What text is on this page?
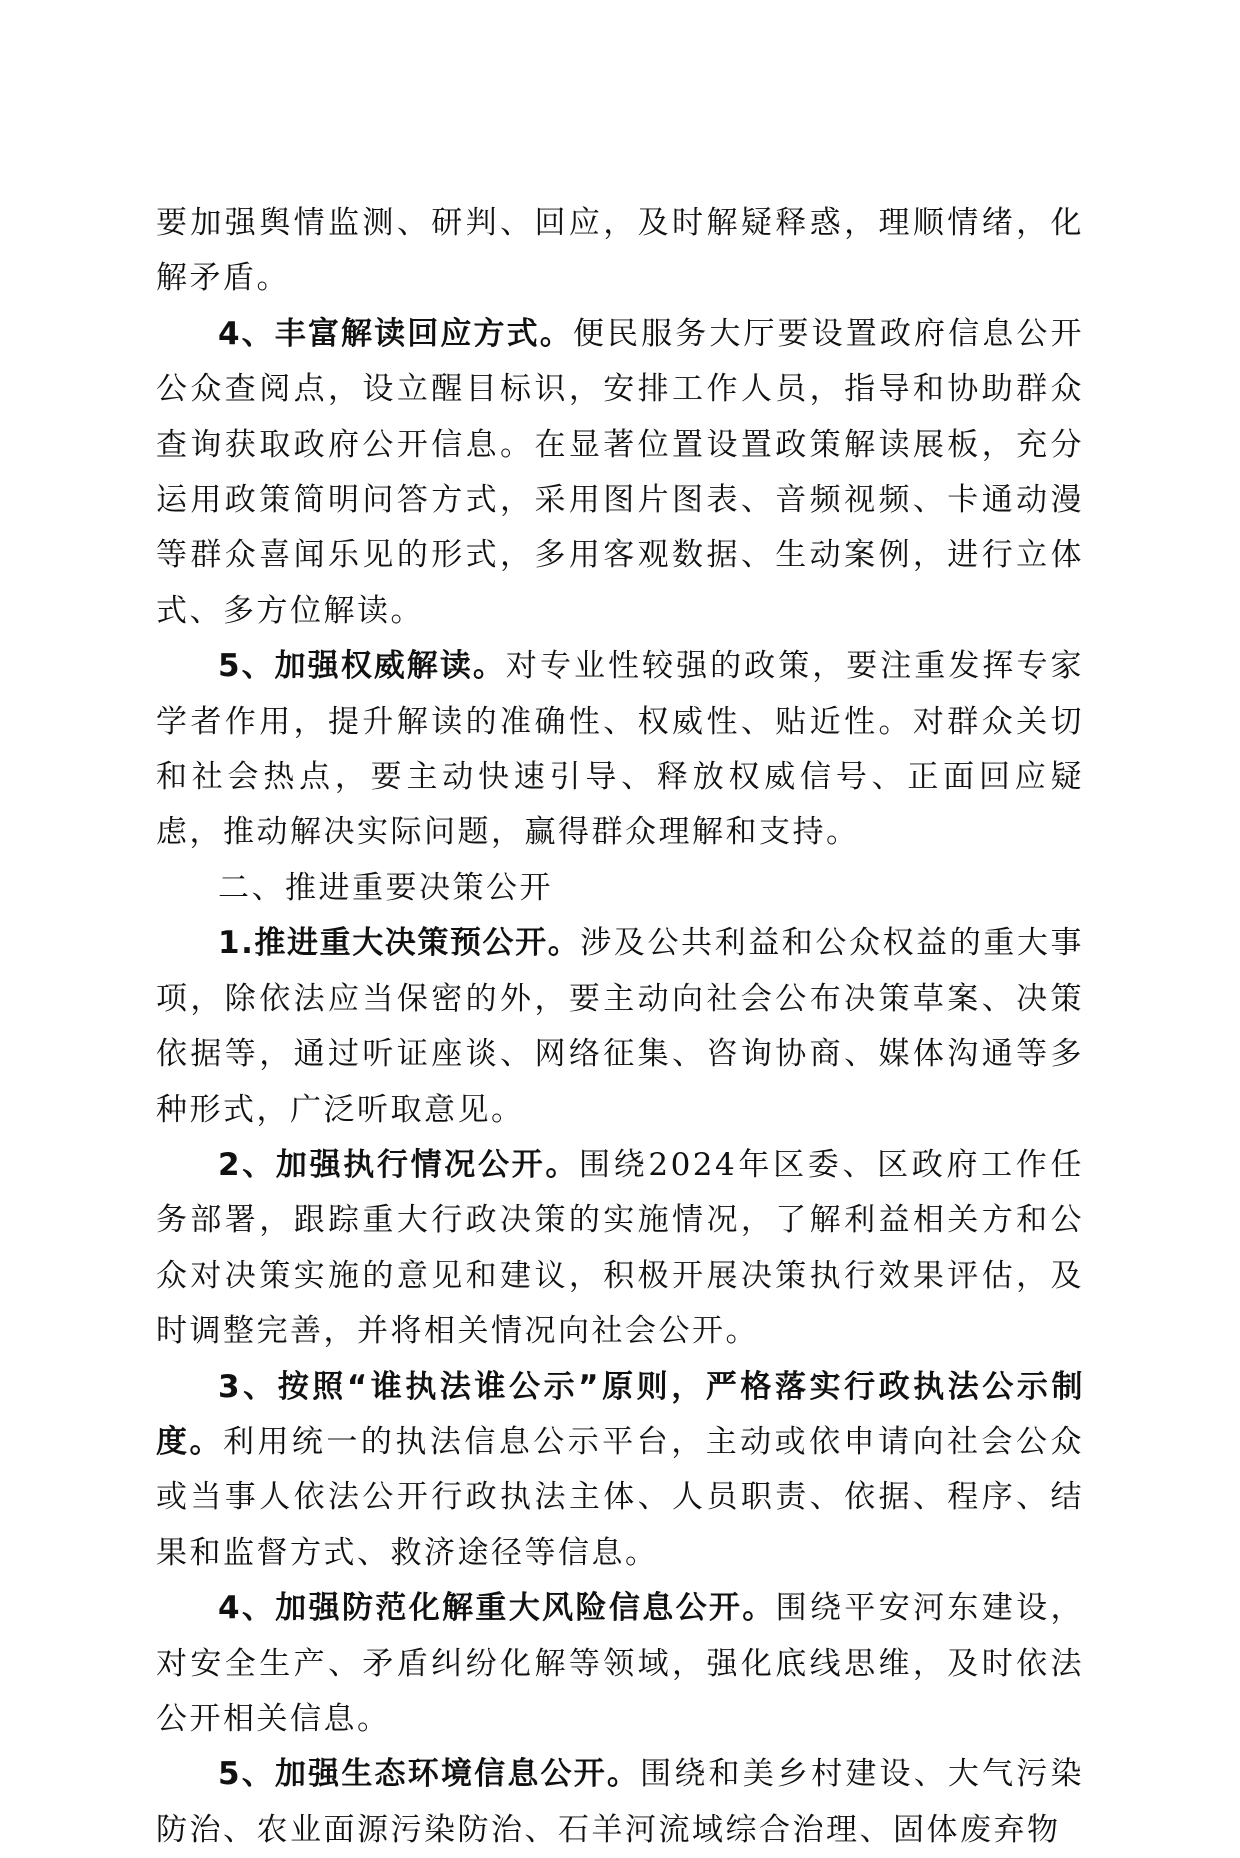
要加强舆情监测、研判、回应，及时解疑释惑，理顺情绪，化解矛盾。

4、丰富解读回应方式。便民服务大厅要设置政府信息公开公众查阅点，设立醒目标识，安排工作人员，指导和协助群众查询获取政府公开信息。在显著位置设置政策解读展板，充分运用政策简明问答方式，采用图片图表、音频视频、卡通动漫等群众喜闻乐见的形式，多用客观数据、生动案例，进行立体式、多方位解读。

5、加强权威解读。对专业性较强的政策，要注重发挥专家学者作用，提升解读的准确性、权威性、贴近性。对群众关切和社会热点，要主动快速引导、释放权威信号、正面回应疑虑，推动解决实际问题，赢得群众理解和支持。

二、推进重要决策公开

1.推进重大决策预公开。涉及公共利益和公众权益的重大事项，除依法应当保密的外，要主动向社会公布决策草案、决策依据等，通过听证座谈、网络征集、咨询协商、媒体沟通等多种形式，广泛听取意见。

2、加强执行情况公开。围绕2024年区委、区政府工作任务部署，跟踪重大行政决策的实施情况，了解利益相关方和公众对决策实施的意见和建议，积极开展决策执行效果评估，及时调整完善，并将相关情况向社会公开。

3、按照“谁执法谁公示”原则，严格落实行政执法公示制度。利用统一的执法信息公示平台，主动或依申请向社会公众或当事人依法公开行政执法主体、人员职责、依据、程序、结果和监督方式、救济途径等信息。

4、加强防范化解重大风险信息公开。围绕平安河东建设，对安全生产、矛盾纠纷化解等领域，强化底线思维，及时依法公开相关信息。

5、加强生态环境信息公开。围绕和美乡村建设、大气污染防治、农业面源污染防治、石羊河流域综合治理、固体废弃物
